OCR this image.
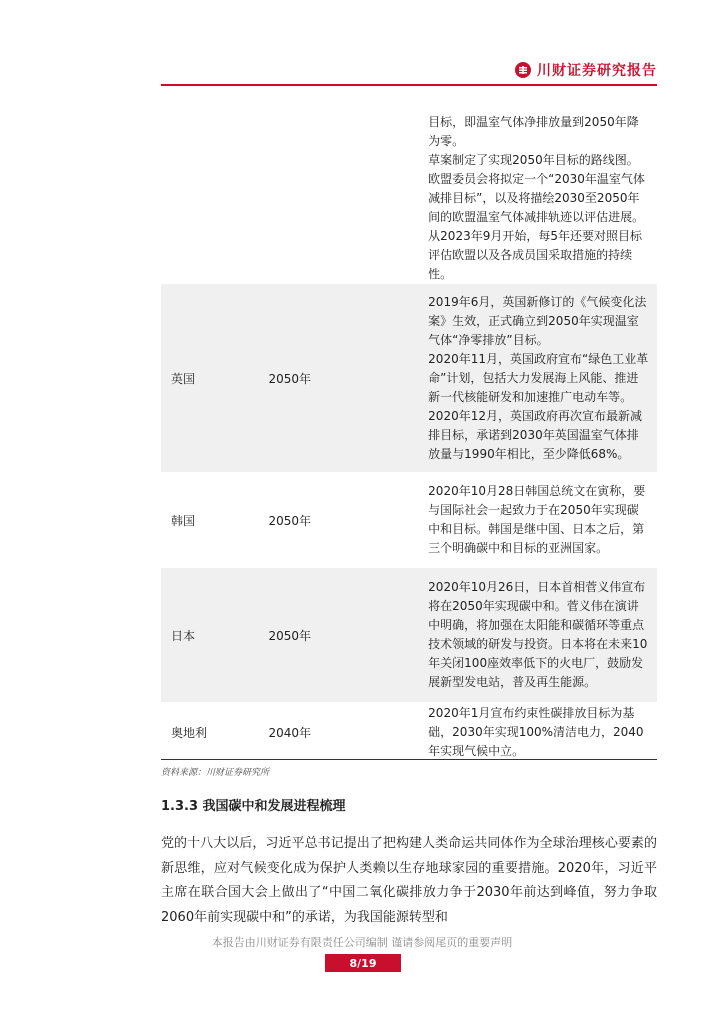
川财证券研究报告

		目标，即温室气体净排放量到2050年降为零。
草案制定了实现2050年目标的路线图。欧盟委员会将拟定一个“2030年温室气体减排目标”，以及将描绘2030至2050年间的欧盟温室气体减排轨迹以评估进展。从2023年9月开始，每5年还要对照目标评估欧盟以及各成员国采取措施的持续性。

英国	2050年	2019年6月，英国新修订的《气候变化法案》生效，正式确立到2050年实现温室气体“净零排放”目标。
2020年11月，英国政府宣布“绿色工业革命”计划，包括大力发展海上风能、推进新一代核能研发和加速推广电动车等。2020年12月，英国政府再次宣布最新减排目标，承诺到2030年英国温室气体排放量与1990年相比，至少降低68%。

韩国	2050年	2020年10月28日韩国总统文在寅称，要与国际社会一起致力于在2050年实现碳中和目标。韩国是继中国、日本之后，第三个明确碳中和目标的亚洲国家。

日本	2050年	2020年10月26日，日本首相菅义伟宣布将在2050年实现碳中和。菅义伟在演讲中明确，将加强在太阳能和碳循环等重点技术领域的研发与投资。日本将在未来10年关闭100座效率低下的火电厂，鼓励发展新型发电站，普及再生能源。

奥地利	2040年	2020年1月宣布约束性碳排放目标为基础，2030年实现100%清洁电力，2040年实现气候中立。
资料来源：川财证券研究所
1.3.3 我国碳中和发展进程梳理

党的十八大以后，习近平总书记提出了把构建人类命运共同体作为全球治理核心要素的新思维，应对气候变化成为保护人类赖以生存地球家园的重要措施。2020年，习近平主席在联合国大会上做出了“中国二氧化碳排放力争于2030年前达到峰值，努力争取2060年前实现碳中和”的承诺，为我国能源转型和

本报告由川财证券有限责任公司编制 谨请参阅尾页的重要声明
8/19
